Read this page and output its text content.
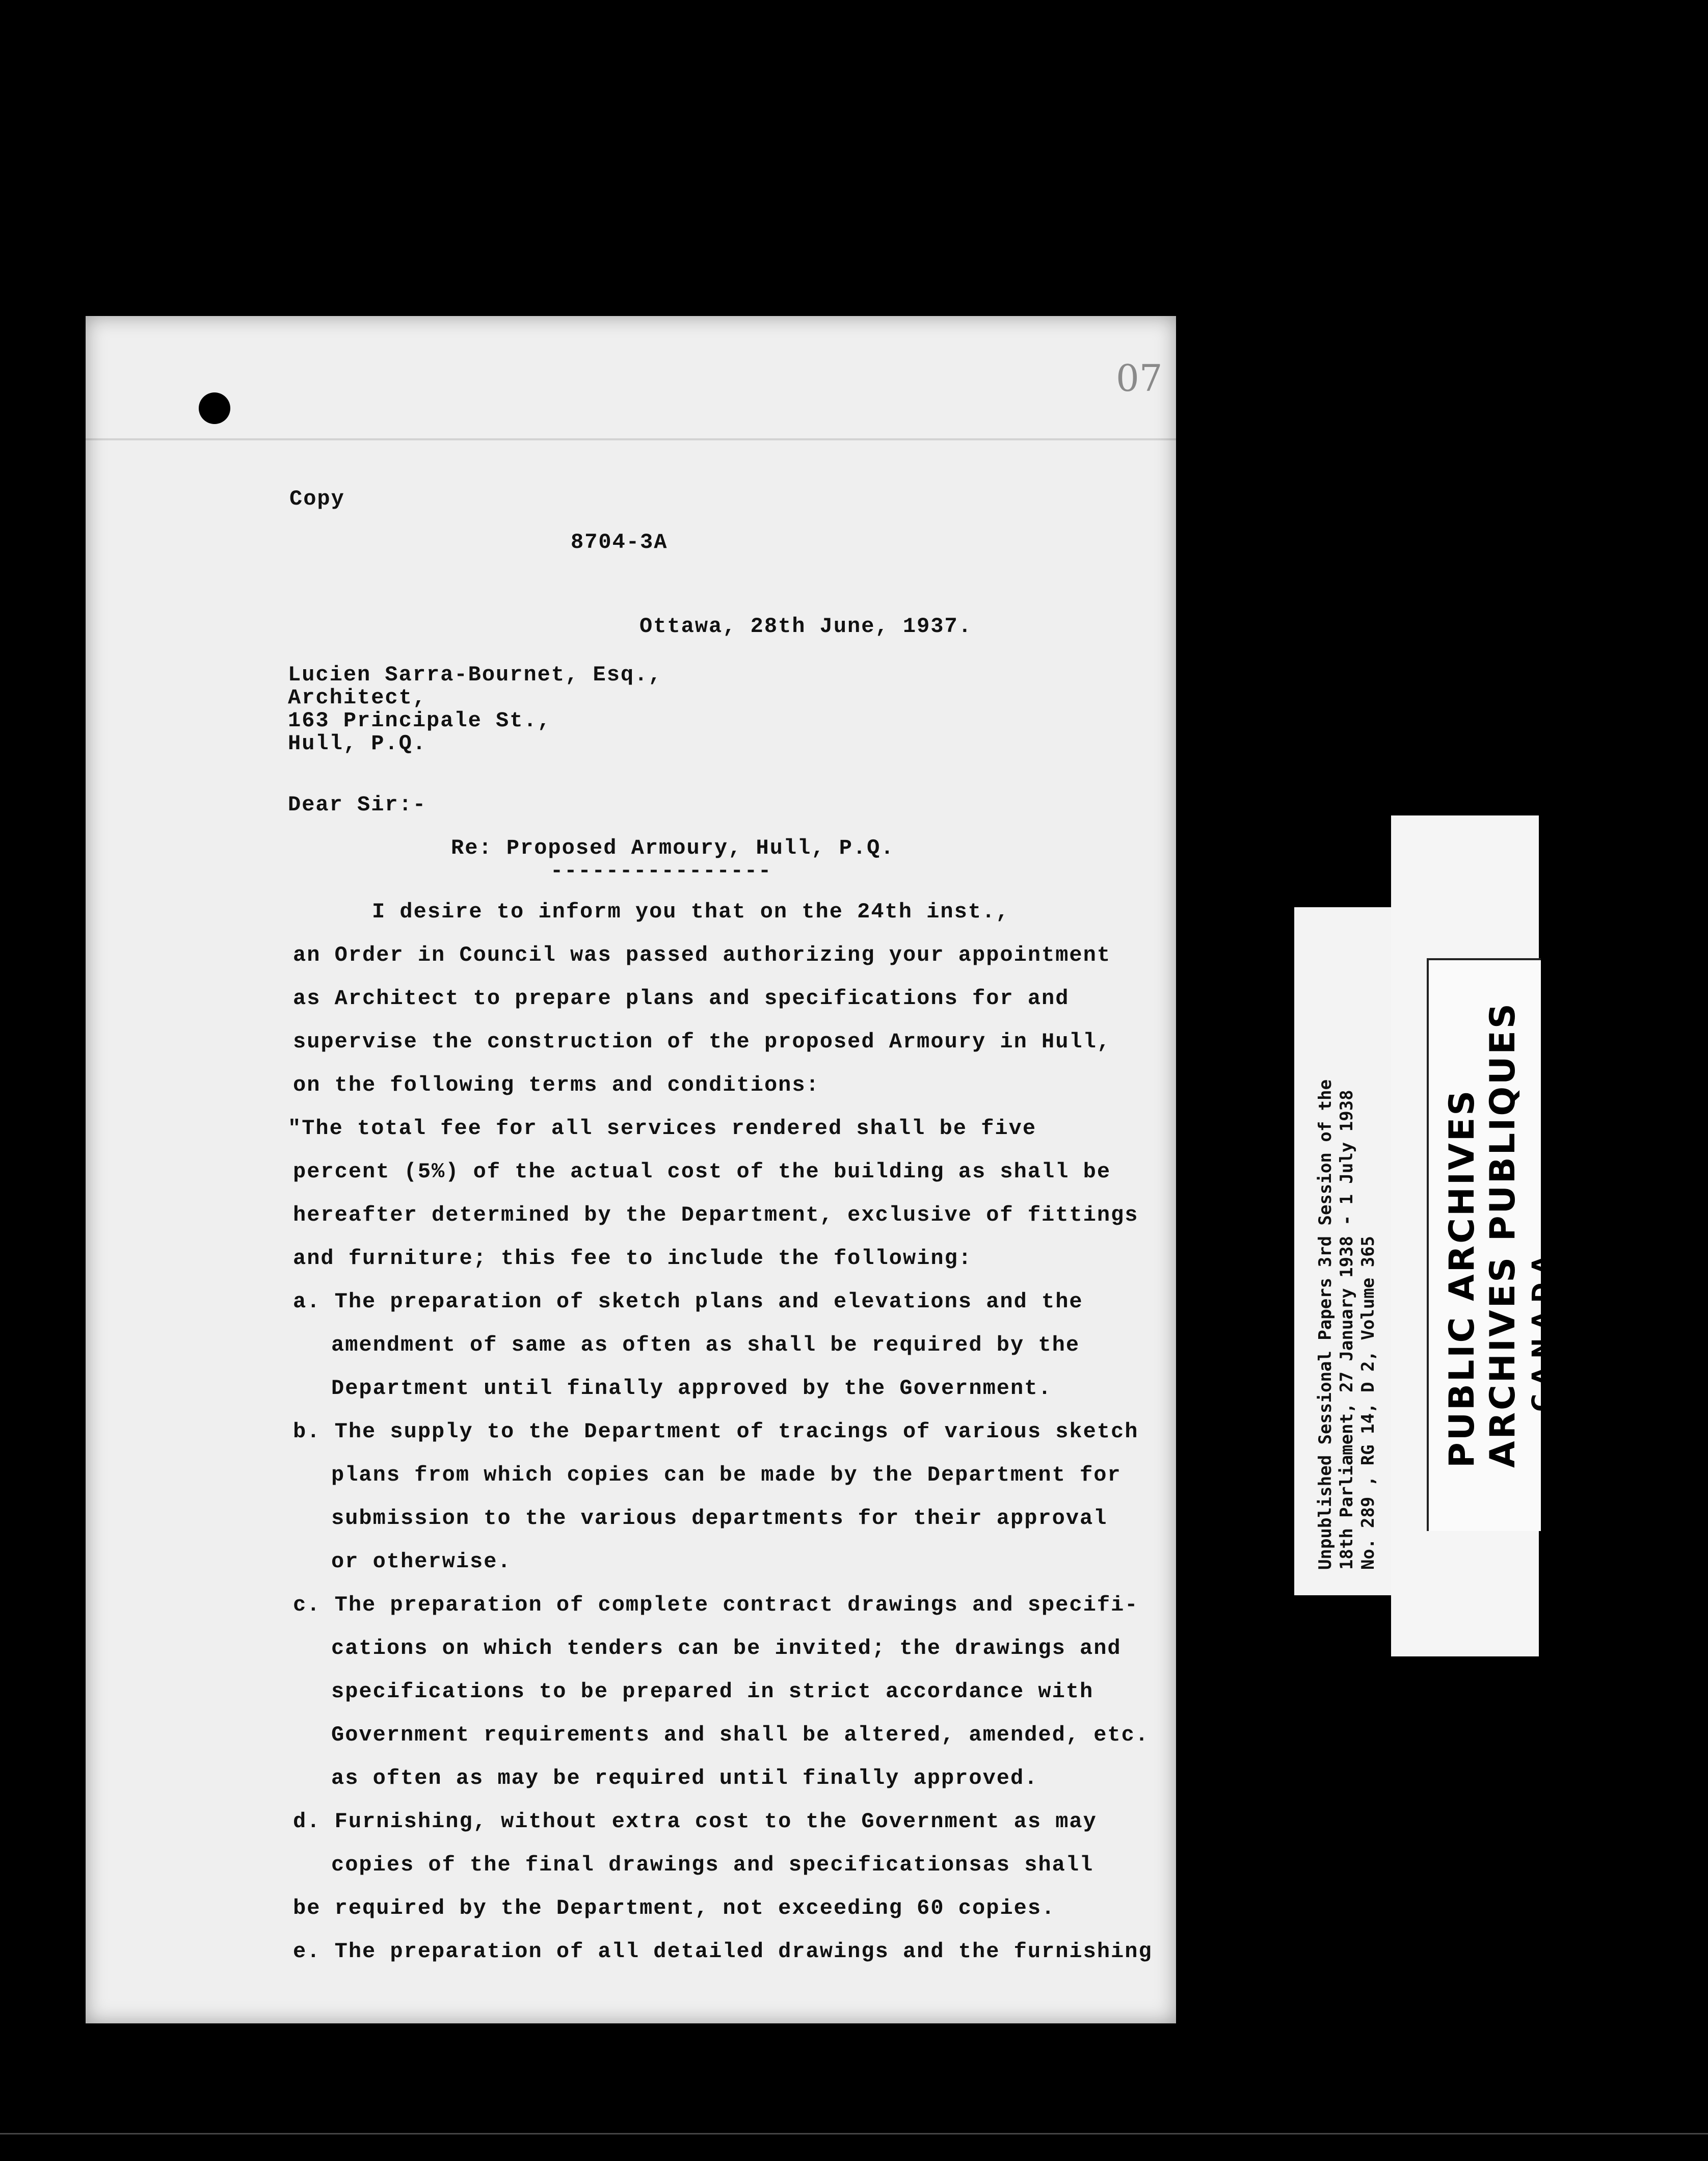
07
Copy
8704-3A
Ottawa, 28th June, 1937.
Lucien Sarra-Bournet, Esq.,
Architect,
163 Principale St.,
Hull, P.Q.
Dear Sir:-
Re: Proposed Armoury, Hull, P.Q.
----------------
I desire to inform you that on the 24th inst.,
an Order in Council was passed authorizing your appointment
as Architect to prepare plans and specifications for and
supervise the construction of the proposed Armoury in Hull,
on the following terms and conditions:
"The total fee for all services rendered shall be five
percent (5%) of the actual cost of the building as shall be
hereafter determined by the Department, exclusive of fittings
and furniture; this fee to include the following:
a. The preparation of sketch plans and elevations and the
amendment of same as often as shall be required by the
Department until finally approved by the Government.
b. The supply to the Department of tracings of various sketch
plans from which copies can be made by the Department for
submission to the various departments for their approval
or otherwise.
c. The preparation of complete contract drawings and specifi-
cations on which tenders can be invited; the drawings and
specifications to be prepared in strict accordance with
Government requirements and shall be altered, amended, etc.
as often as may be required until finally approved.
d. Furnishing, without extra cost to the Government as may
copies of the final drawings and specificationsas shall
be required by the Department, not exceeding 60 copies.
e. The preparation of all detailed drawings and the furnishing
Unpublished Sessional Papers 3rd Session of the 18th Parliament, 27 January 1938 - 1 July 1938 No. 289 , RG 14, D 2, Volume 365 PUBLIC ARCHIVES ARCHIVES PUBLIQUES CANADA
